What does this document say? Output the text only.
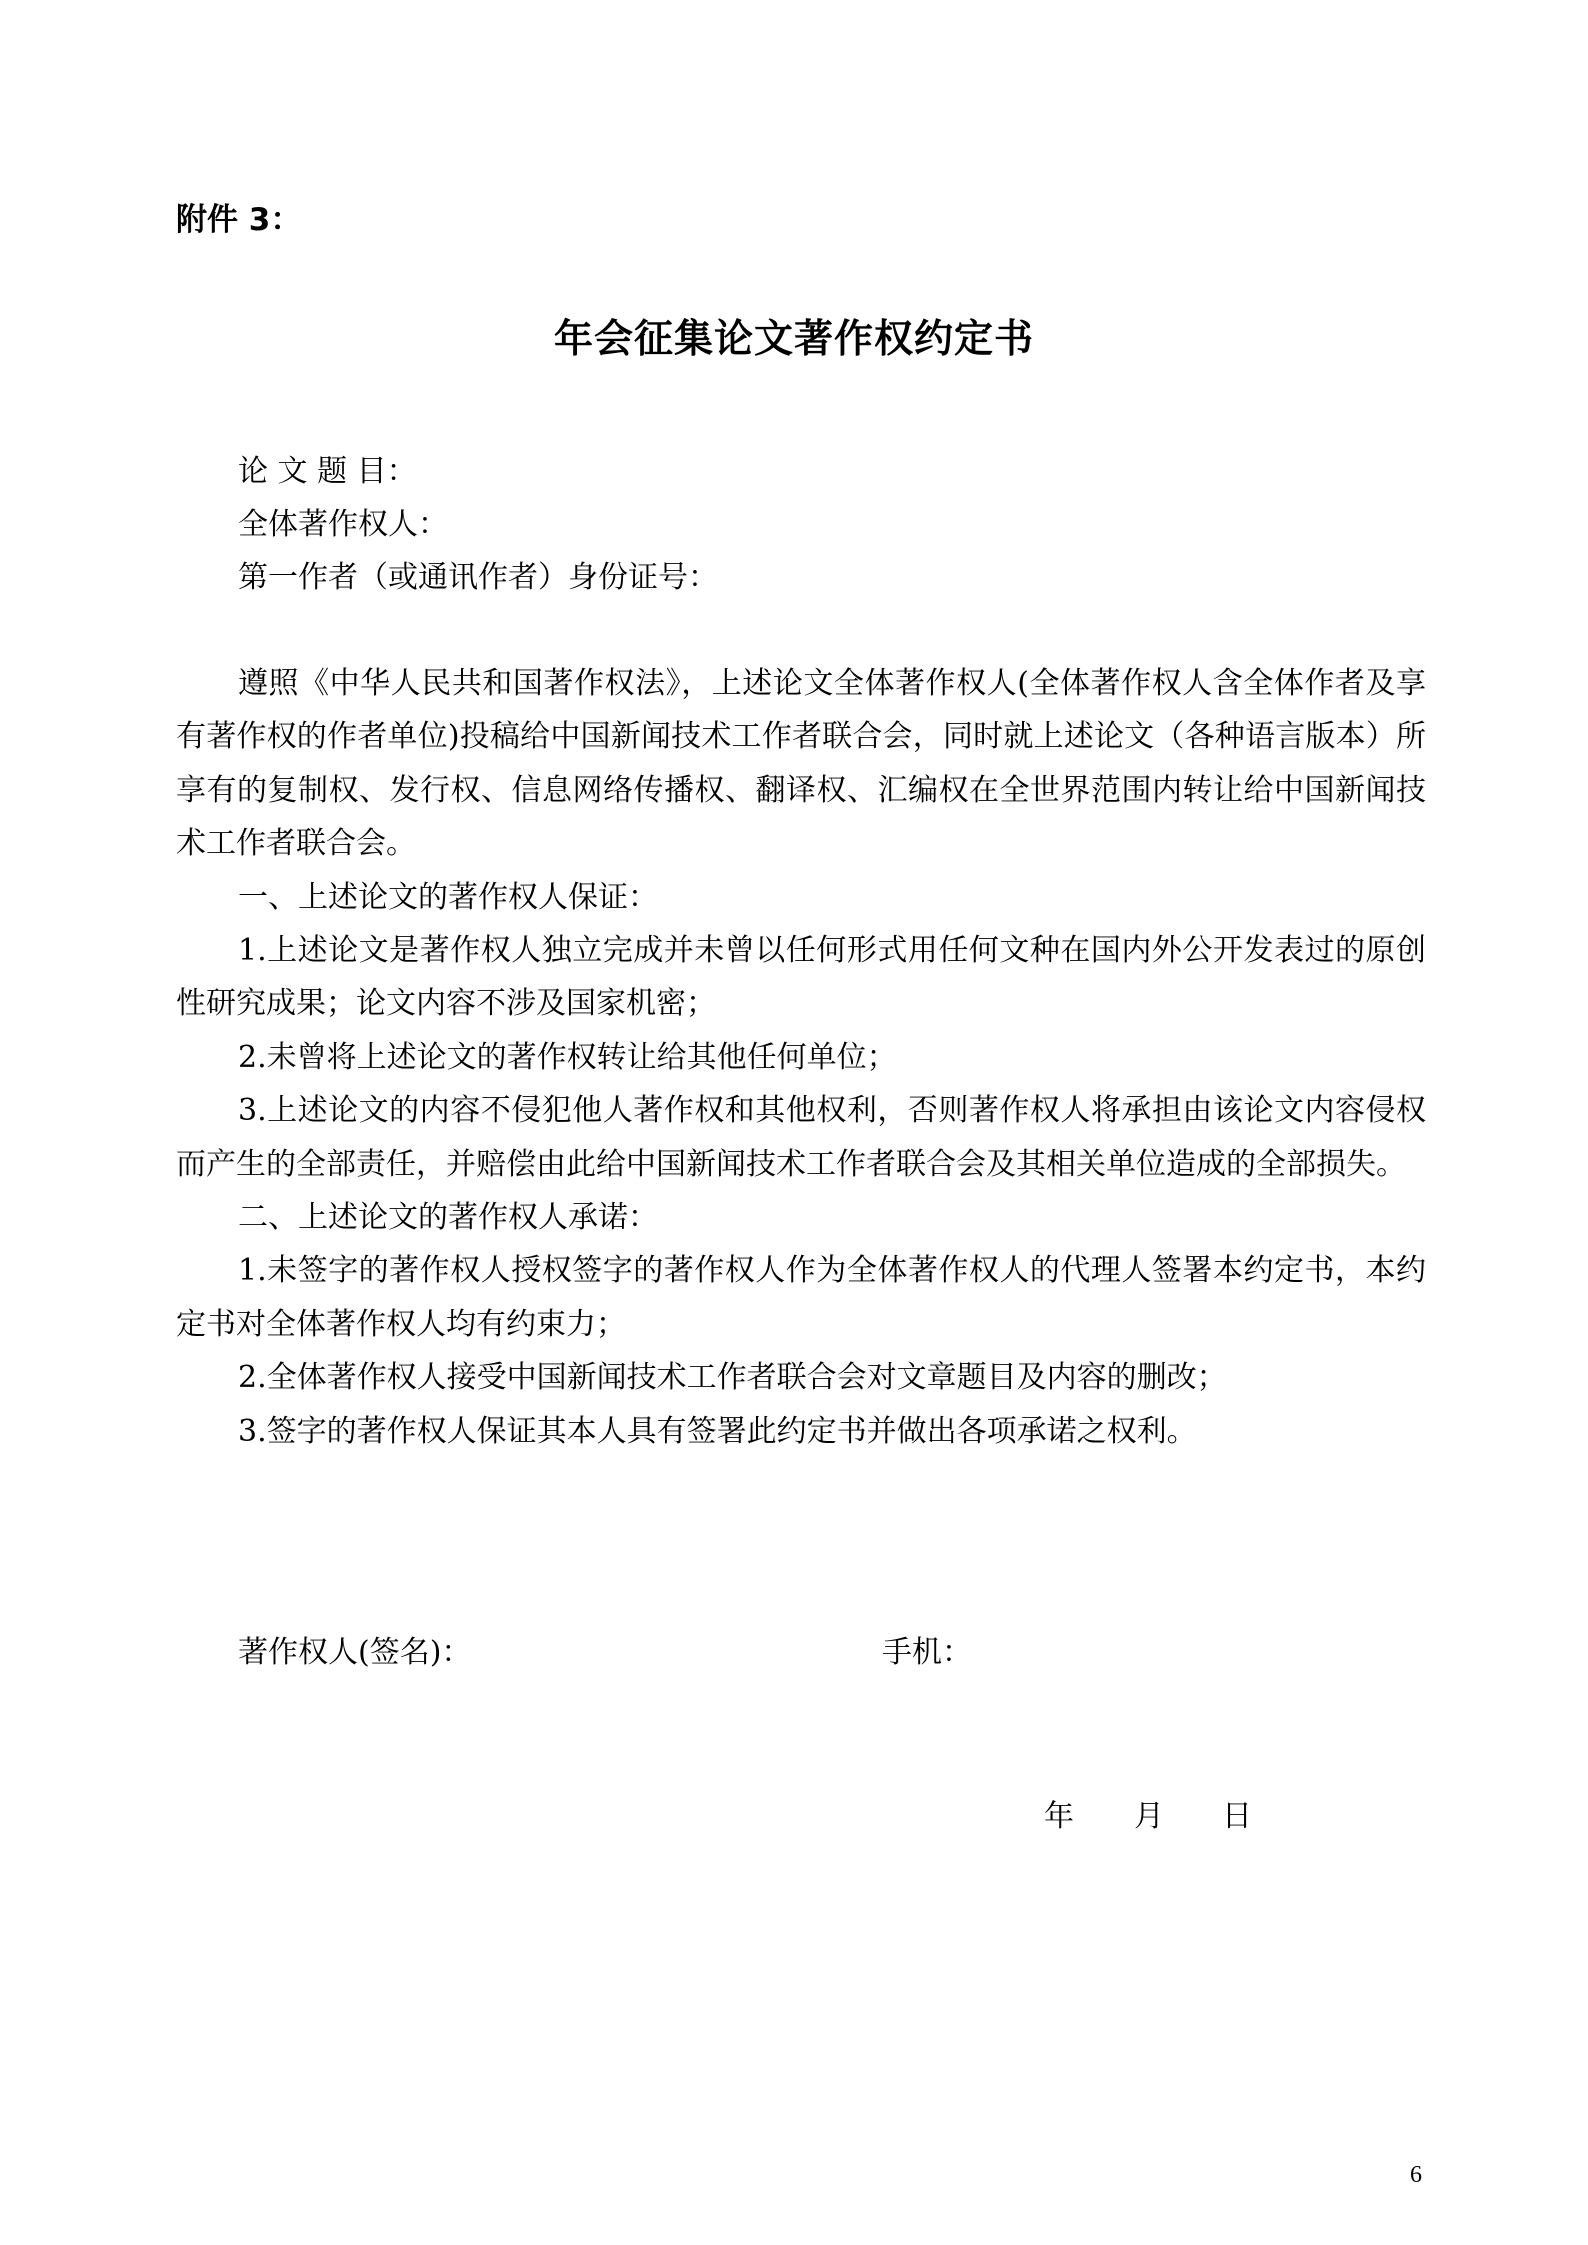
附件 3：
年会征集论文著作权约定书
论 文 题 目：
全体著作权人：
第一作者（或通讯作者）身份证号：

遵照《中华人民共和国著作权法》，上述论文全体著作权人(全体著作权人含全体作者及享有著作权的作者单位)投稿给中国新闻技术工作者联合会，同时就上述论文（各种语言版本）所享有的复制权、发行权、信息网络传播权、翻译权、汇编权在全世界范围内转让给中国新闻技术工作者联合会。

一、上述论文的著作权人保证：

1.上述论文是著作权人独立完成并未曾以任何形式用任何文种在国内外公开发表过的原创性研究成果；论文内容不涉及国家机密；

2.未曾将上述论文的著作权转让给其他任何单位；

3.上述论文的内容不侵犯他人著作权和其他权利，否则著作权人将承担由该论文内容侵权而产生的全部责任，并赔偿由此给中国新闻技术工作者联合会及其相关单位造成的全部损失。

二、上述论文的著作权人承诺：

1.未签字的著作权人授权签字的著作权人作为全体著作权人的代理人签署本约定书，本约定书对全体著作权人均有约束力；

2.全体著作权人接受中国新闻技术工作者联合会对文章题目及内容的删改；

3.签字的著作权人保证其本人具有签署此约定书并做出各项承诺之权利。

著作权人(签名)：	手机：
年 月 日
6
